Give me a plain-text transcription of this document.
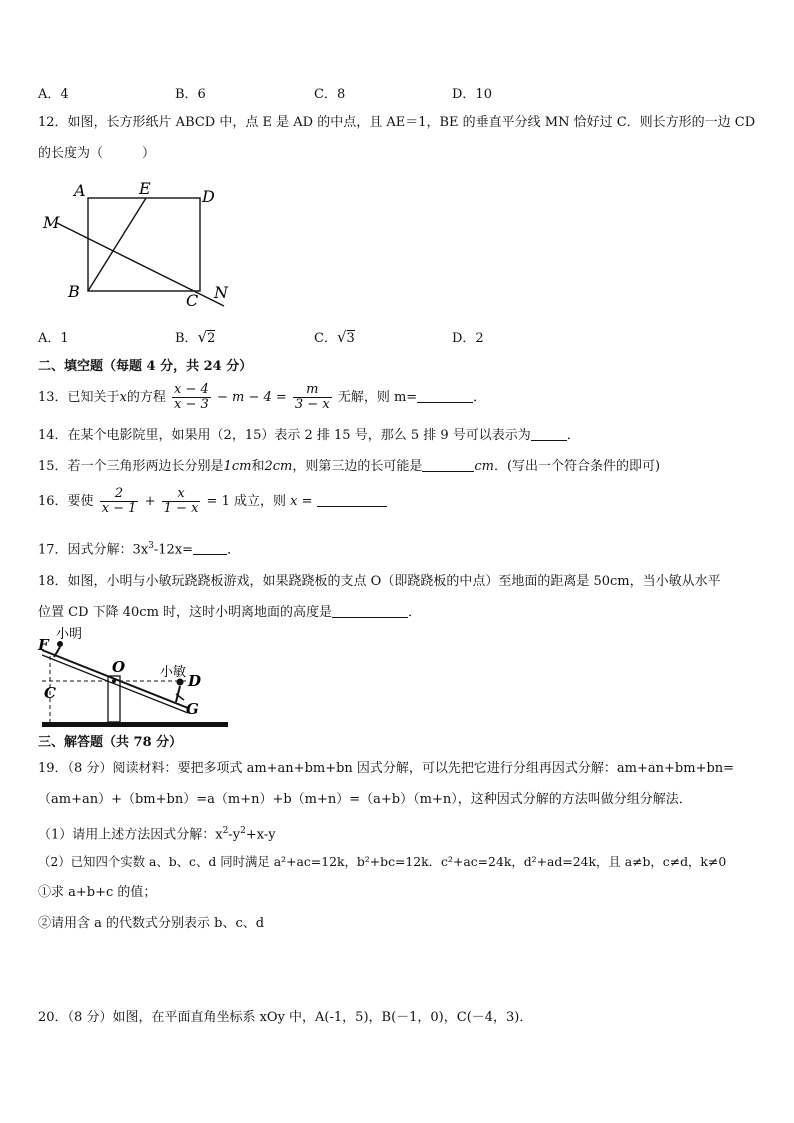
A．4	B．6	C．8	D．10
12．如图，长方形纸片 ABCD 中，点 E 是 AD 的中点，且 AE＝1，BE 的垂直平分线 MN 恰好过 C．则长方形的一边 CD
的长度为（　　　）
A	E	D
M
B	C N
A．1	B．√2	C．√3	D．2
二、填空题（每题 4 分，共 24 分）
13．已知关于x的方程 $\frac{x - 4}{x - 3} - m - 4 = \frac{m}{3 - x}$ 无解，则 m=	．
14．在某个电影院里，如果用（2，15）表示 2 排 15 号，那么 5 排 9 号可以表示为	．
15．若一个三角形两边长分别是1cm和2cm，则第三边的长可能是	cm．(写出一个符合条件的即可)
16．要使 $\frac{2}{x - 1} + \frac{x}{1 - x} = 1$ 成立，则 x =
17．因式分解：$3x^3-12x=$	．
18．如图，小明与小敏玩跷跷板游戏，如果跷跷板的支点 O（即跷跷板的中点）至地面的距离是 50cm，当小敏从水平
位置 CD 下降 40cm 时，这时小明离地面的高度是	．
F
小明
O	小敏 D
C
G
三、解答题（共 78 分）
19．（8 分）阅读材料：要把多项式 am+an+bm+bn 因式分解，可以先把它进行分组再因式分解：am+an+bm+bn=
（am+an）+（bm+bn）=a（m+n）+b（m+n）=（a+b）（m+n），这种因式分解的方法叫做分组分解法．
（1）请用上述方法因式分解：$x^2-y^2+x-y$
（2）已知四个实数 a、b、c、d 同时满足 a²+ac=12k，b²+bc=12k．c²+ac=24k，d²+ad=24k，且 a≠b，c≠d，k≠0
①求 a+b+c 的值；
②请用含 a 的代数式分别表示 b、c、d
20．（8 分）如图，在平面直角坐标系 xOy 中，A(-1，5)，B(－1，0)，C(－4，3)．
